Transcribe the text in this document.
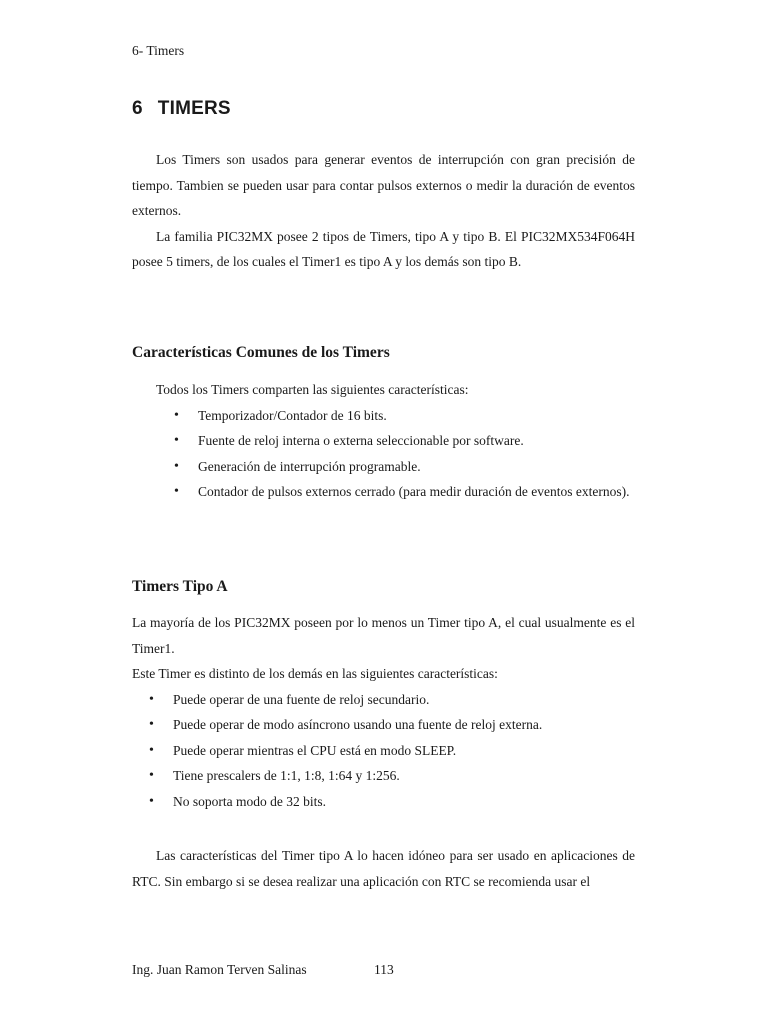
6- Timers
6 TIMERS

Los Timers son usados para generar eventos de interrupción con gran precisión de tiempo. Tambien se pueden usar para contar pulsos externos o medir la duración de eventos externos.

La familia PIC32MX posee 2 tipos de Timers, tipo A y tipo B. El PIC32MX534F064H posee 5 timers, de los cuales el Timer1 es tipo A y los demás son tipo B.

Características Comunes de los Timers

Todos los Timers comparten las siguientes características:

• Temporizador/Contador de 16 bits.
• Fuente de reloj interna o externa seleccionable por software.
• Generación de interrupción programable.
• Contador de pulsos externos cerrado (para medir duración de eventos externos).
Timers Tipo A

La mayoría de los PIC32MX poseen por lo menos un Timer tipo A, el cual usualmente es el Timer1.

Este Timer es distinto de los demás en las siguientes características:

• Puede operar de una fuente de reloj secundario.
• Puede operar de modo asíncrono usando una fuente de reloj externa.
• Puede operar mientras el CPU está en modo SLEEP.
• Tiene prescalers de 1:1, 1:8, 1:64 y 1:256.
• No soporta modo de 32 bits.

Las características del Timer tipo A lo hacen idóneo para ser usado en aplicaciones de RTC. Sin embargo si se desea realizar una aplicación con RTC se recomienda usar el

Ing. Juan Ramon Terven Salinas	113
